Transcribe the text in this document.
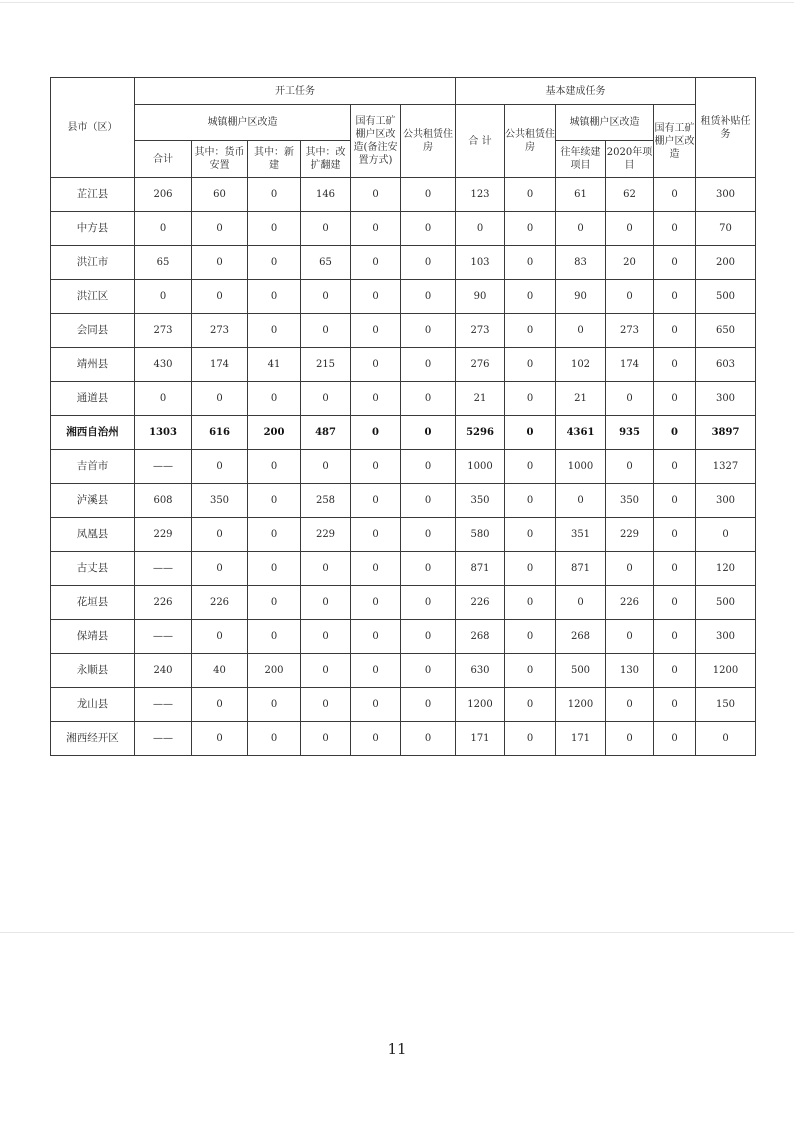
县市（区）	开工任务						基本建成任务					租赁补贴任务
	城镇棚户区改造				国有工矿棚户区改造(备注安置方式)	公共租赁住房	合 计	公共租赁住房	城镇棚户区改造		国有工矿棚户区改造	
	合计	其中：货币安置	其中：新　建	其中：改扩翻建					往年续建项目	2020年项目		
芷江县	206	60	0	146	0	0	123	0	61	62	0	300
中方县	0	0	0	0	0	0	0	0	0	0	0	70
洪江市	65	0	0	65	0	0	103	0	83	20	0	200
洪江区	0	0	0	0	0	0	90	0	90	0	0	500
会同县	273	273	0	0	0	0	273	0	0	273	0	650
靖州县	430	174	41	215	0	0	276	0	102	174	0	603
通道县	0	0	0	0	0	0	21	0	21	0	0	300
湘西自治州	1303	616	200	487	0	0	5296	0	4361	935	0	3897
吉首市	——	0	0	0	0	0	1000	0	1000	0	0	1327
泸溪县	608	350	0	258	0	0	350	0	0	350	0	300
凤凰县	229	0	0	229	0	0	580	0	351	229	0	0
古丈县	——	0	0	0	0	0	871	0	871	0	0	120
花垣县	226	226	0	0	0	0	226	0	0	226	0	500
保靖县	——	0	0	0	0	0	268	0	268	0	0	300
永顺县	240	40	200	0	0	0	630	0	500	130	0	1200
龙山县	——	0	0	0	0	0	1200	0	1200	0	0	150
湘西经开区	——	0	0	0	0	0	171	0	171	0	0	0
11
